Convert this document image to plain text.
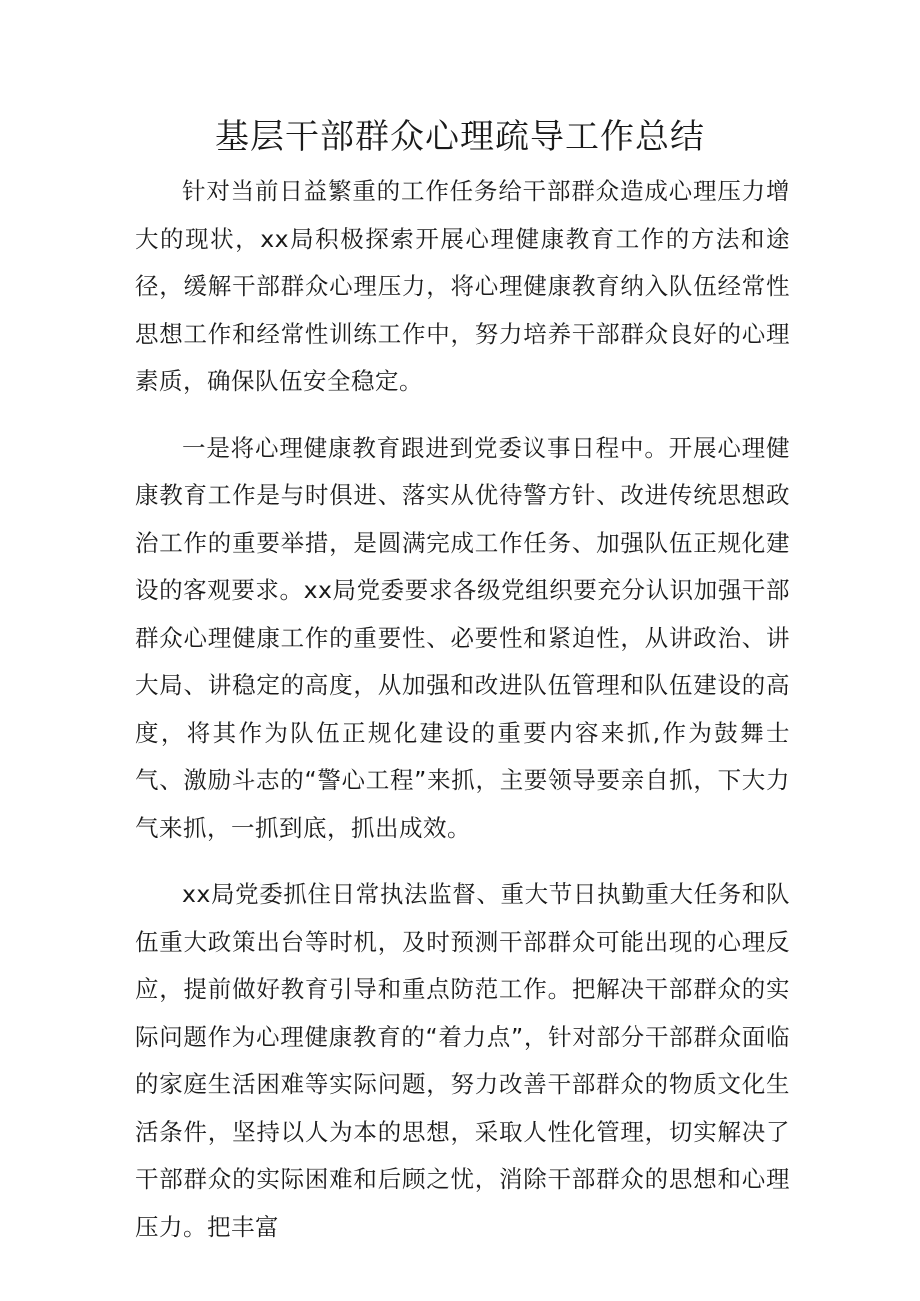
基层干部群众心理疏导工作总结

针对当前日益繁重的工作任务给干部群众造成心理压力增大的现状，xx局积极探索开展心理健康教育工作的方法和途径，缓解干部群众心理压力，将心理健康教育纳入队伍经常性思想工作和经常性训练工作中，努力培养干部群众良好的心理素质，确保队伍安全稳定。

一是将心理健康教育跟进到党委议事日程中。开展心理健康教育工作是与时俱进、落实从优待警方针、改进传统思想政治工作的重要举措，是圆满完成工作任务、加强队伍正规化建设的客观要求。xx局党委要求各级党组织要充分认识加强干部群众心理健康工作的重要性、必要性和紧迫性，从讲政治、讲大局、讲稳定的高度，从加强和改进队伍管理和队伍建设的高度，将其作为队伍正规化建设的重要内容来抓,作为鼓舞士气、激励斗志的“警心工程”来抓，主要领导要亲自抓，下大力气来抓，一抓到底，抓出成效。

xx局党委抓住日常执法监督、重大节日执勤重大任务和队伍重大政策出台等时机，及时预测干部群众可能出现的心理反应，提前做好教育引导和重点防范工作。把解决干部群众的实际问题作为心理健康教育的“着力点”，针对部分干部群众面临的家庭生活困难等实际问题，努力改善干部群众的物质文化生活条件，坚持以人为本的思想，采取人性化管理，切实解决了干部群众的实际困难和后顾之忧，消除干部群众的思想和心理压力。把丰富
